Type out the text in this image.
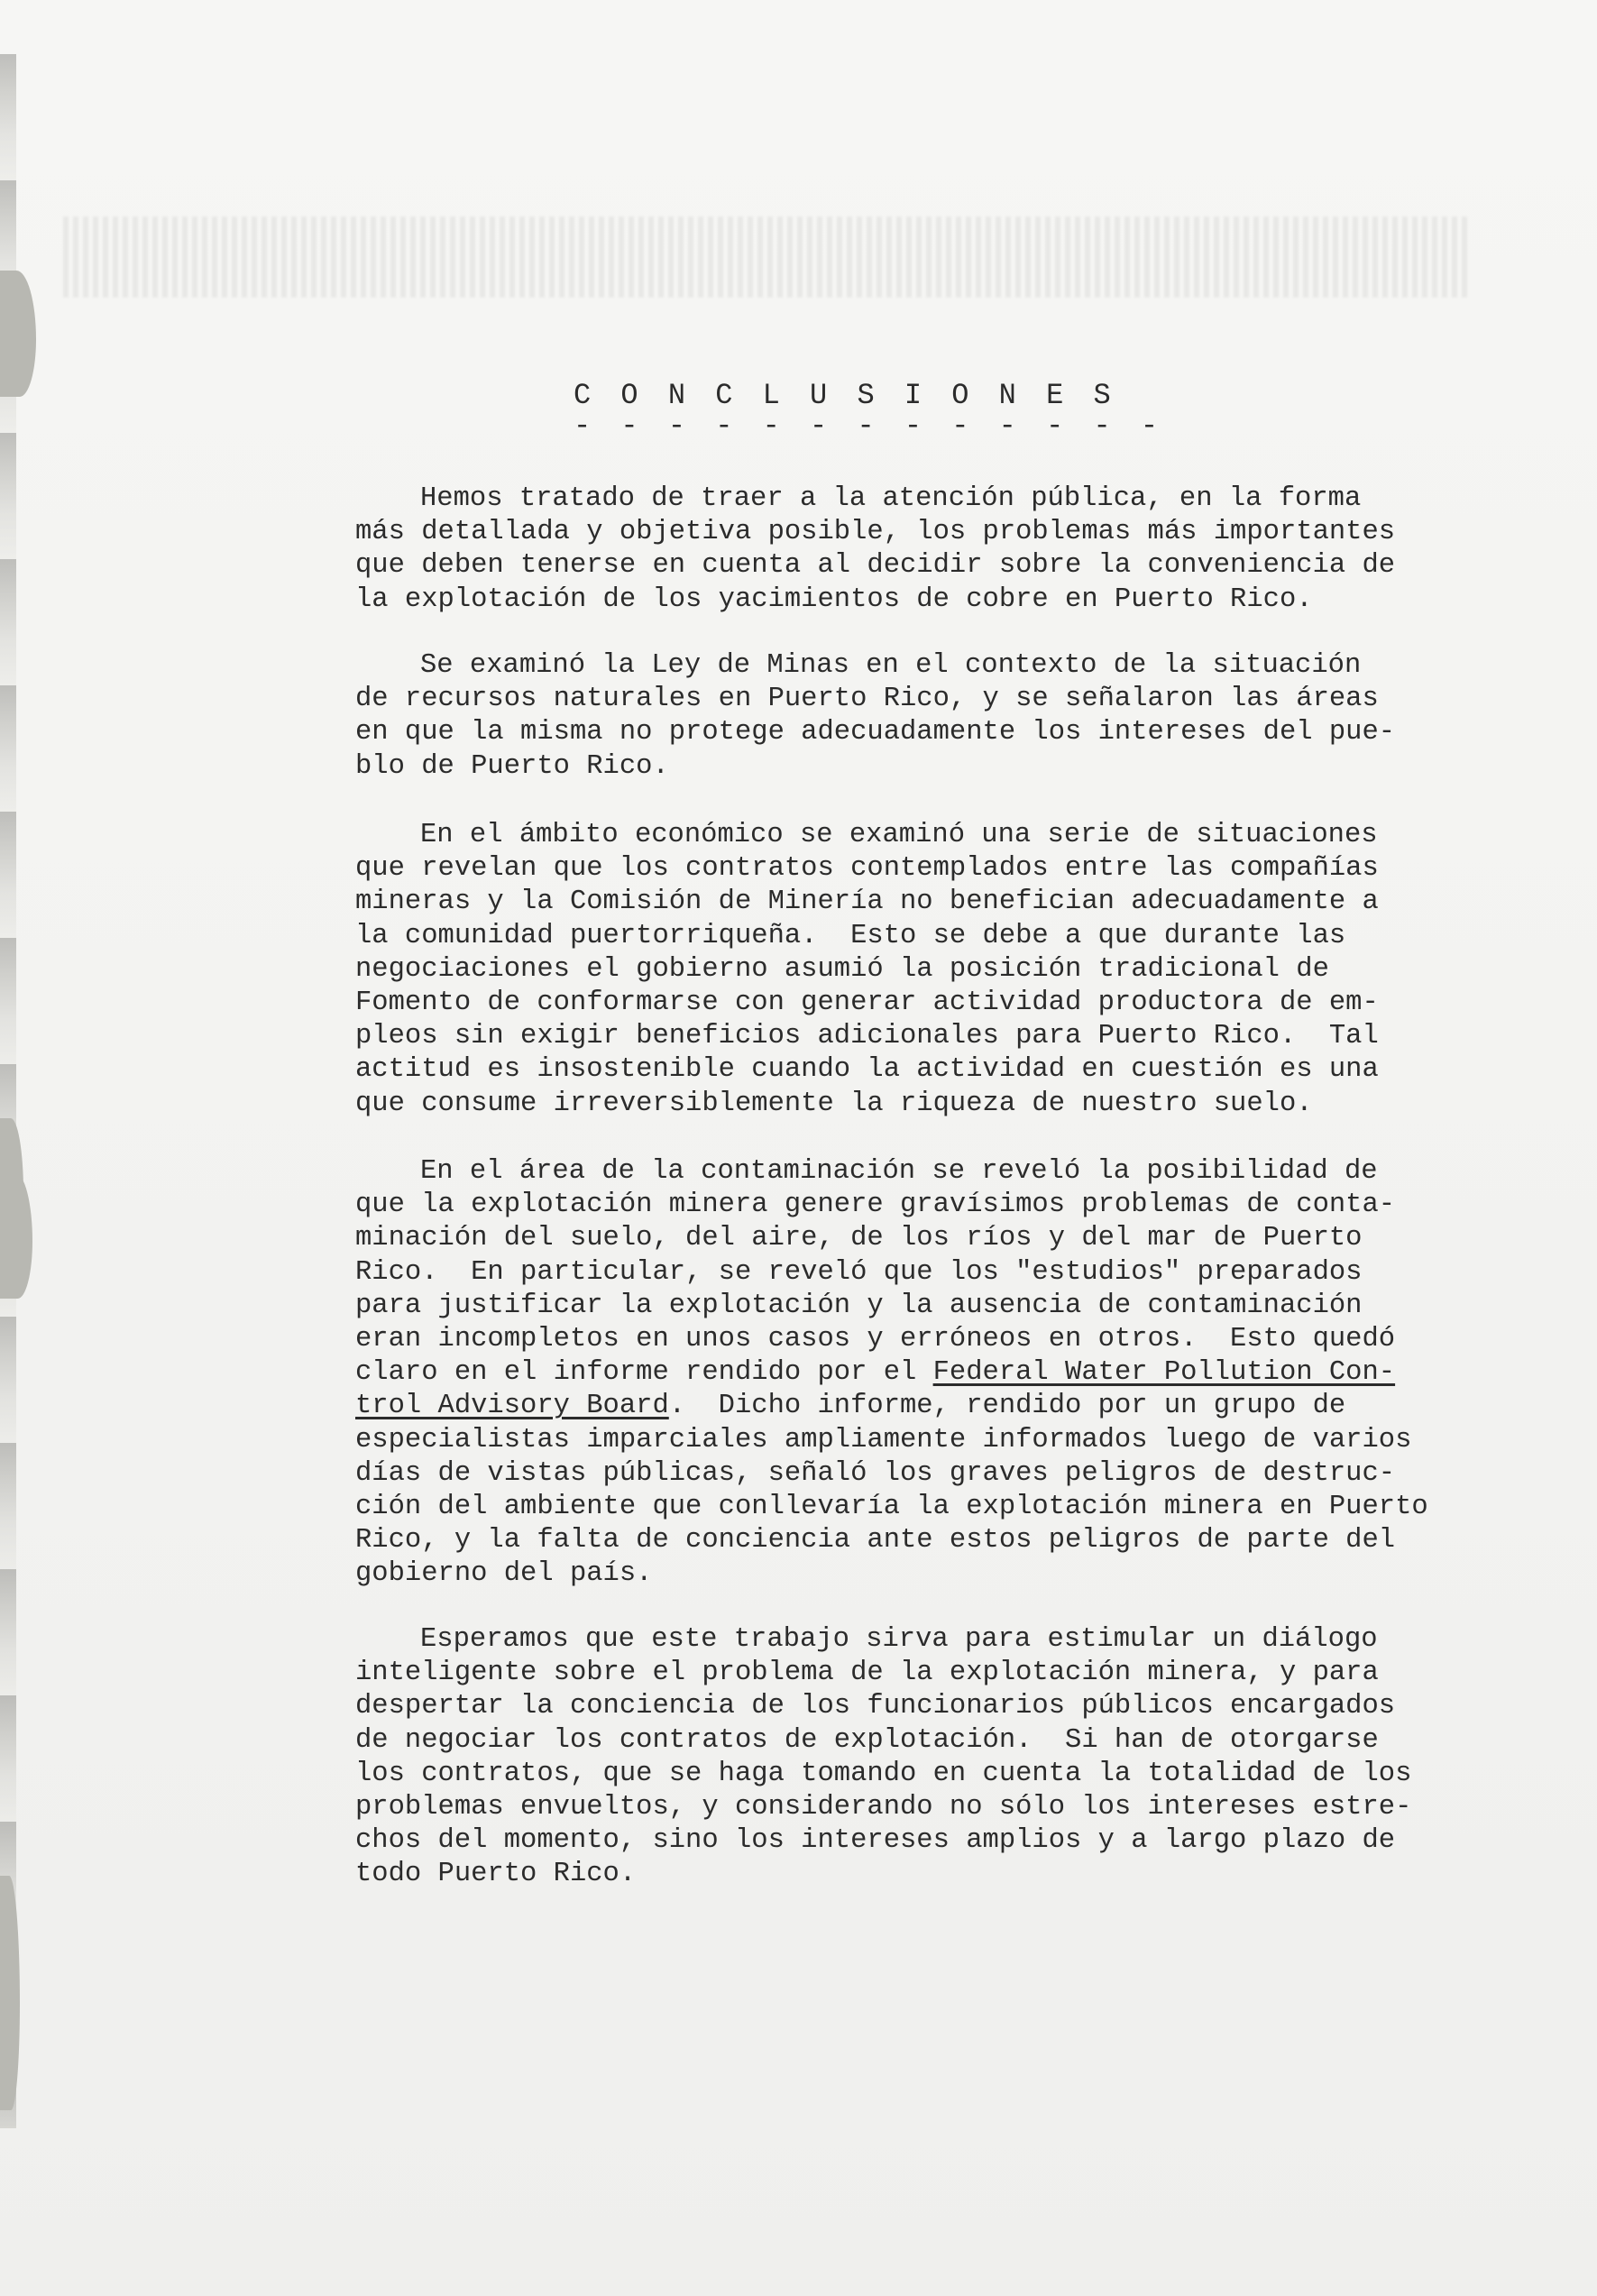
C O N C L U S I O N E S
- - - - - - - - - - - - -
Hemos tratado de traer a la atención pública, en la forma
más detallada y objetiva posible, los problemas más importantes
que deben tenerse en cuenta al decidir sobre la conveniencia de
la explotación de los yacimientos de cobre en Puerto Rico.
Se examinó la Ley de Minas en el contexto de la situación
de recursos naturales en Puerto Rico, y se señalaron las áreas
en que la misma no protege adecuadamente los intereses del pue-
blo de Puerto Rico.
En el ámbito económico se examinó una serie de situaciones
que revelan que los contratos contemplados entre las compañías
mineras y la Comisión de Minería no benefician adecuadamente a
la comunidad puertorriqueña.  Esto se debe a que durante las
negociaciones el gobierno asumió la posición tradicional de
Fomento de conformarse con generar actividad productora de em-
pleos sin exigir beneficios adicionales para Puerto Rico.  Tal
actitud es insostenible cuando la actividad en cuestión es una
que consume irreversiblemente la riqueza de nuestro suelo.
En el área de la contaminación se reveló la posibilidad de
que la explotación minera genere gravísimos problemas de conta-
minación del suelo, del aire, de los ríos y del mar de Puerto
Rico.  En particular, se reveló que los "estudios" preparados
para justificar la explotación y la ausencia de contaminación
eran incompletos en unos casos y erróneos en otros.  Esto quedó
claro en el informe rendido por el Federal Water Pollution Con-
trol Advisory Board.  Dicho informe, rendido por un grupo de
especialistas imparciales ampliamente informados luego de varios
días de vistas públicas, señaló los graves peligros de destruc-
ción del ambiente que conllevaría la explotación minera en Puerto
Rico, y la falta de conciencia ante estos peligros de parte del
gobierno del país.
Esperamos que este trabajo sirva para estimular un diálogo
inteligente sobre el problema de la explotación minera, y para
despertar la conciencia de los funcionarios públicos encargados
de negociar los contratos de explotación.  Si han de otorgarse
los contratos, que se haga tomando en cuenta la totalidad de los
problemas envueltos, y considerando no sólo los intereses estre-
chos del momento, sino los intereses amplios y a largo plazo de
todo Puerto Rico.
